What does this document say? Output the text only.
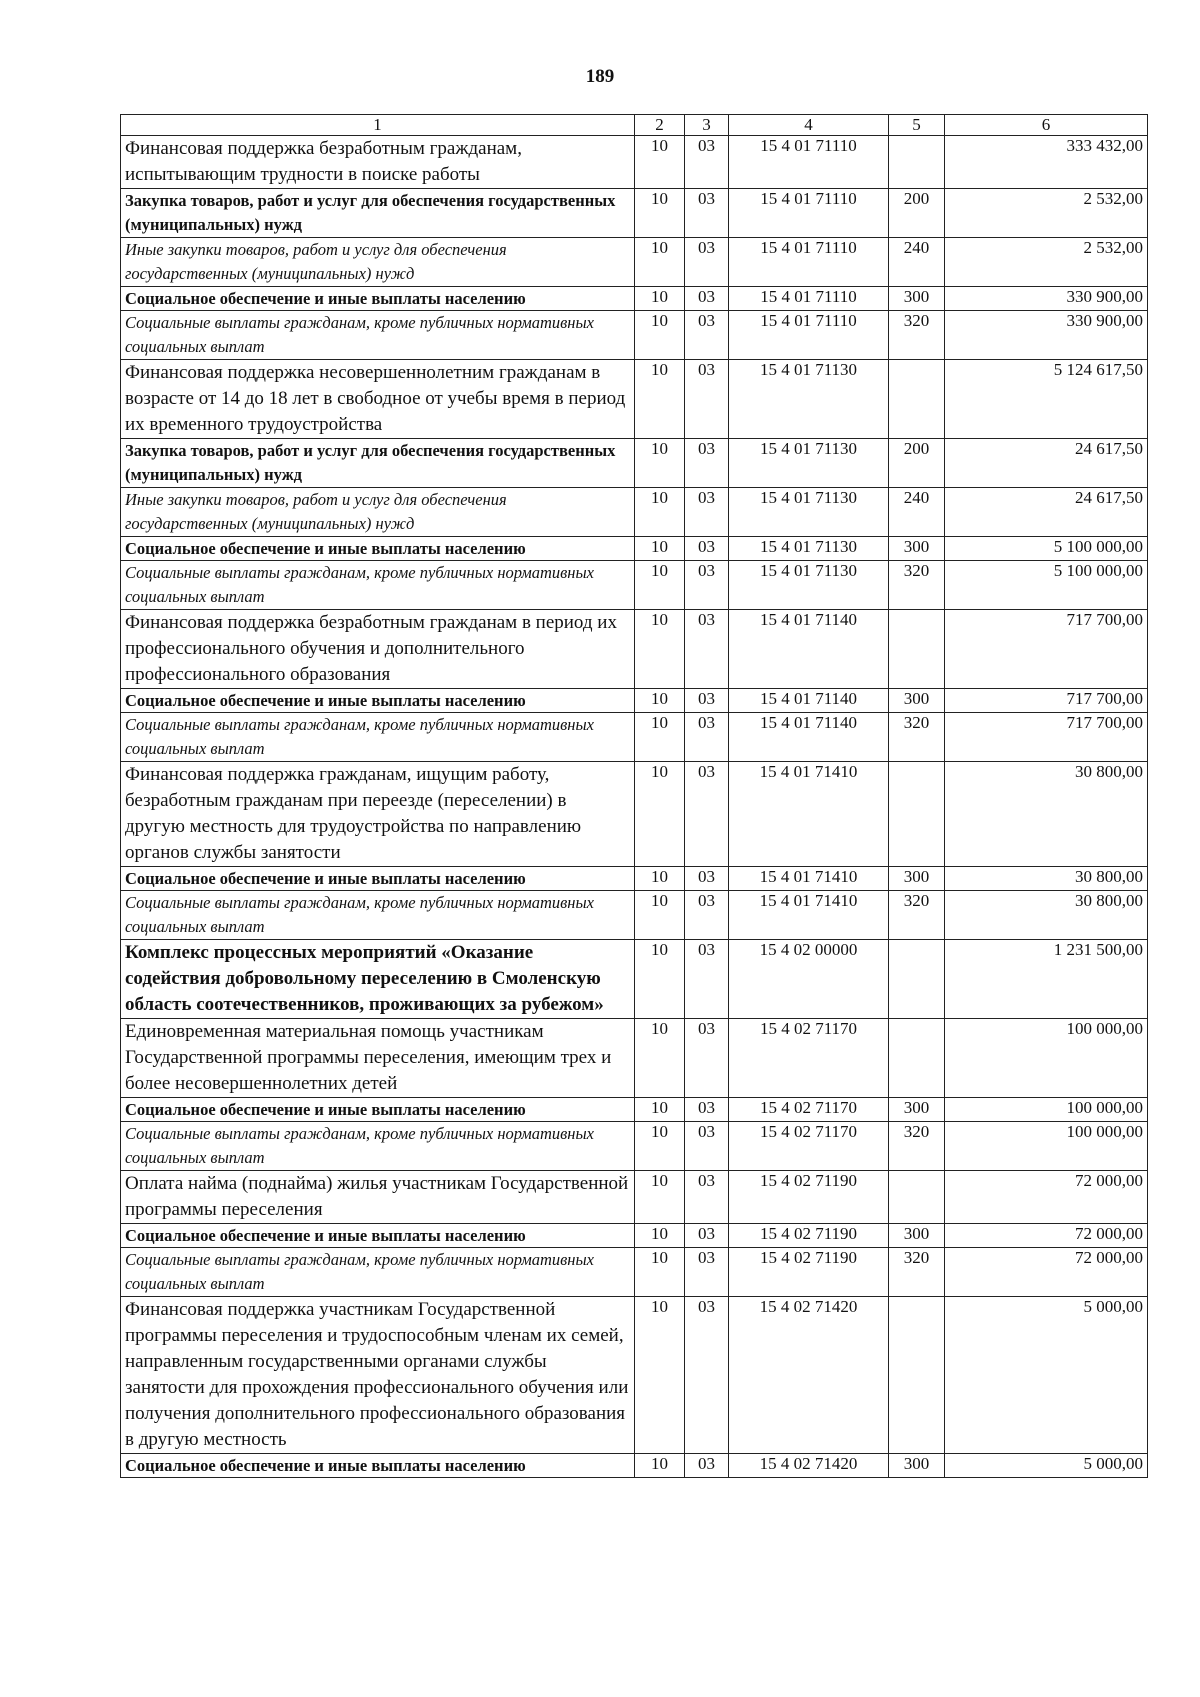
189
1	2	3	4	5	6
Финансовая поддержка безработным гражданам, испытывающим трудности в поиске работы	10	03	15 4 01 71110		333 432,00
Закупка товаров, работ и услуг для обеспечения государственных (муниципальных) нужд	10	03	15 4 01 71110	200	2 532,00
Иные закупки товаров, работ и услуг для обеспечения государственных (муниципальных) нужд	10	03	15 4 01 71110	240	2 532,00
Социальное обеспечение и иные выплаты населению	10	03	15 4 01 71110	300	330 900,00
Социальные выплаты гражданам, кроме публичных нормативных социальных выплат	10	03	15 4 01 71110	320	330 900,00
Финансовая поддержка несовершеннолетним гражданам в возрасте от 14 до 18 лет в свободное от учебы время в период их временного трудоустройства	10	03	15 4 01 71130		5 124 617,50
Закупка товаров, работ и услуг для обеспечения государственных (муниципальных) нужд	10	03	15 4 01 71130	200	24 617,50
Иные закупки товаров, работ и услуг для обеспечения государственных (муниципальных) нужд	10	03	15 4 01 71130	240	24 617,50
Социальное обеспечение и иные выплаты населению	10	03	15 4 01 71130	300	5 100 000,00
Социальные выплаты гражданам, кроме публичных нормативных социальных выплат	10	03	15 4 01 71130	320	5 100 000,00
Финансовая поддержка безработным гражданам в период их профессионального обучения и дополнительного профессионального образования	10	03	15 4 01 71140		717 700,00
Социальное обеспечение и иные выплаты населению	10	03	15 4 01 71140	300	717 700,00
Социальные выплаты гражданам, кроме публичных нормативных социальных выплат	10	03	15 4 01 71140	320	717 700,00
Финансовая поддержка гражданам, ищущим работу, безработным гражданам при переезде (переселении) в другую местность для трудоустройства по направлению органов службы занятости	10	03	15 4 01 71410		30 800,00
Социальное обеспечение и иные выплаты населению	10	03	15 4 01 71410	300	30 800,00
Социальные выплаты гражданам, кроме публичных нормативных социальных выплат	10	03	15 4 01 71410	320	30 800,00
Комплекс процессных мероприятий «Оказание содействия добровольному переселению в Смоленскую область соотечественников, проживающих за рубежом»	10	03	15 4 02 00000		1 231 500,00
Единовременная материальная помощь участникам Государственной программы переселения, имеющим трех и более несовершеннолетних детей	10	03	15 4 02 71170		100 000,00
Социальное обеспечение и иные выплаты населению	10	03	15 4 02 71170	300	100 000,00
Социальные выплаты гражданам, кроме публичных нормативных социальных выплат	10	03	15 4 02 71170	320	100 000,00
Оплата найма (поднайма) жилья участникам Государственной программы переселения	10	03	15 4 02 71190		72 000,00
Социальное обеспечение и иные выплаты населению	10	03	15 4 02 71190	300	72 000,00
Социальные выплаты гражданам, кроме публичных нормативных социальных выплат	10	03	15 4 02 71190	320	72 000,00
Финансовая поддержка участникам Государственной программы переселения и трудоспособным членам их семей, направленным государственными органами службы занятости для прохождения профессионального обучения или получения дополнительного профессионального образования в другую местность	10	03	15 4 02 71420		5 000,00
Социальное обеспечение и иные выплаты населению	10	03	15 4 02 71420	300	5 000,00
